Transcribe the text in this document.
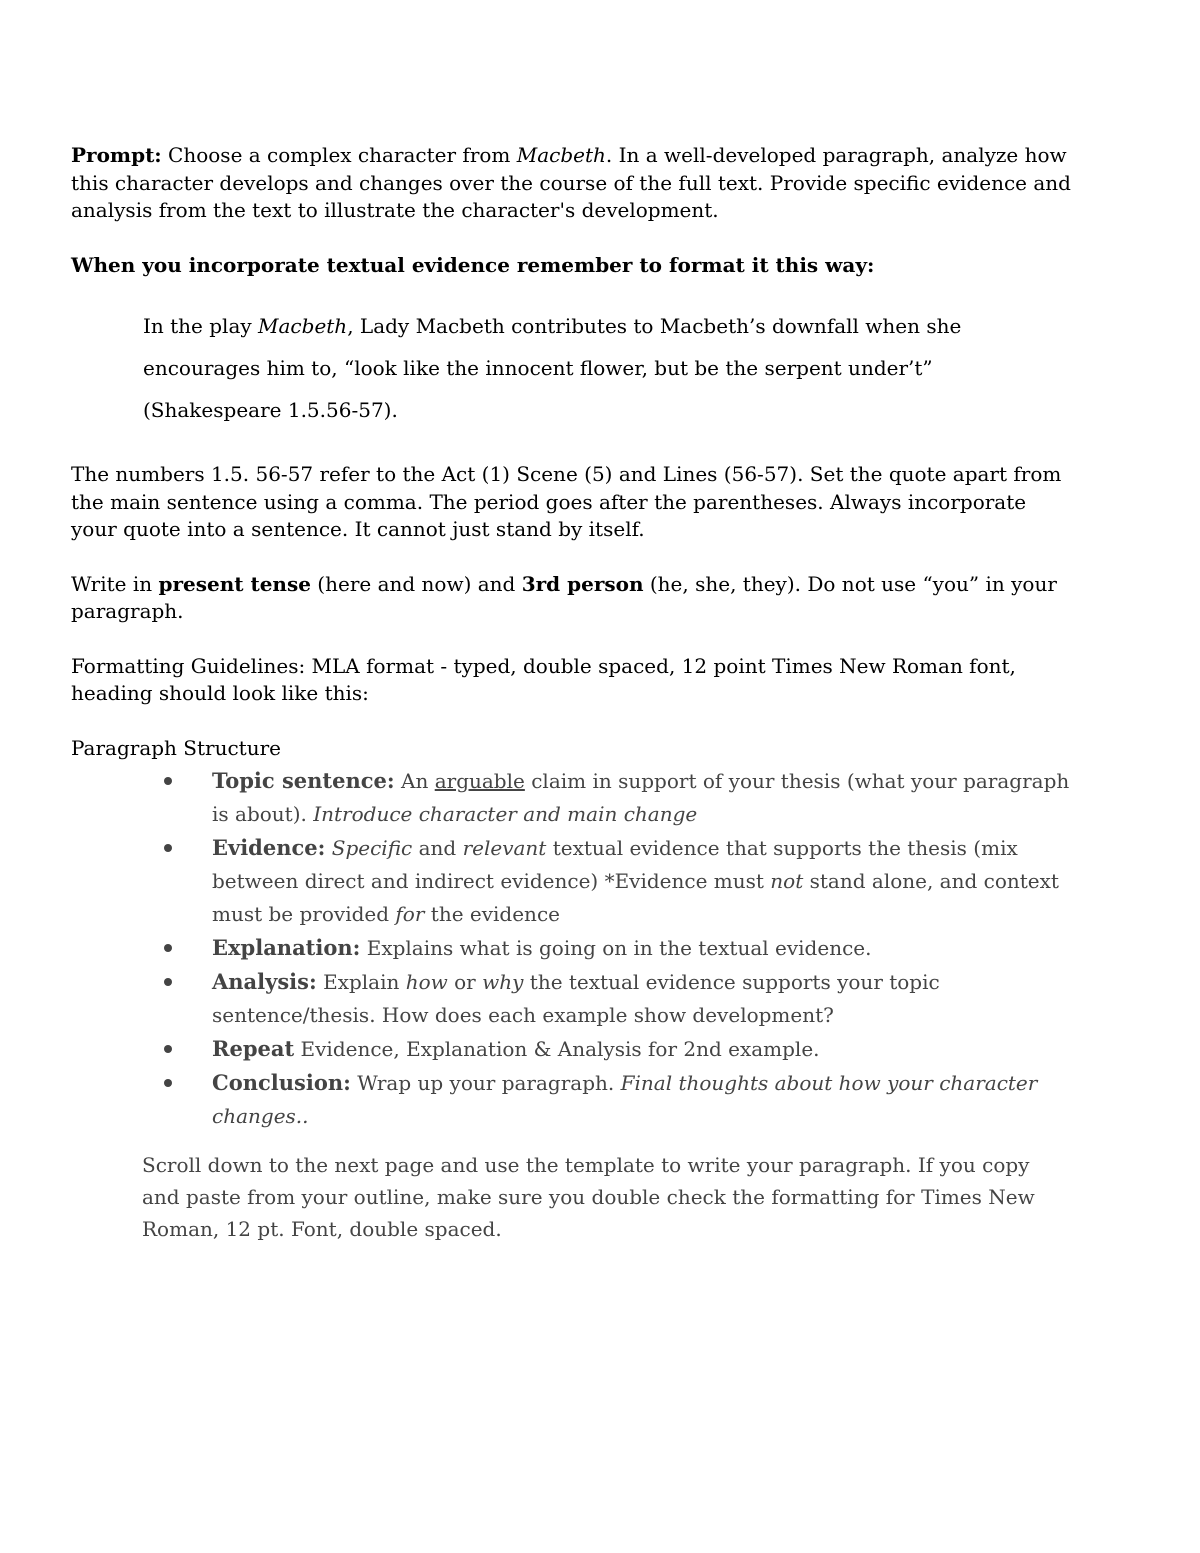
Prompt: Choose a complex character from Macbeth. In a well-developed paragraph, analyze how this character develops and changes over the course of the full text. Provide specific evidence and analysis from the text to illustrate the character's development.

When you incorporate textual evidence remember to format it this way:

In the play Macbeth, Lady Macbeth contributes to Macbeth’s downfall when she encourages him to, “look like the innocent flower, but be the serpent under’t” (Shakespeare 1.5.56-57).

The numbers 1.5. 56-57 refer to the Act (1) Scene (5) and Lines (56-57). Set the quote apart from the main sentence using a comma. The period goes after the parentheses. Always incorporate your quote into a sentence. It cannot just stand by itself.

Write in present tense (here and now) and 3rd person (he, she, they). Do not use “you” in your paragraph.

Formatting Guidelines: MLA format - typed, double spaced, 12 point Times New Roman font, heading should look like this:

Paragraph Structure

Topic sentence: An arguable claim in support of your thesis (what your paragraph is about). Introduce character and main change
Evidence: Specific and relevant textual evidence that supports the thesis (mix between direct and indirect evidence) *Evidence must not stand alone, and context must be provided for the evidence
Explanation: Explains what is going on in the textual evidence.
Analysis: Explain how or why the textual evidence supports your topic sentence/thesis. How does each example show development?
Repeat Evidence, Explanation & Analysis for 2nd example.
Conclusion: Wrap up your paragraph. Final thoughts about how your character changes..

Scroll down to the next page and use the template to write your paragraph. If you copy and paste from your outline, make sure you double check the formatting for Times New Roman, 12 pt. Font, double spaced.
